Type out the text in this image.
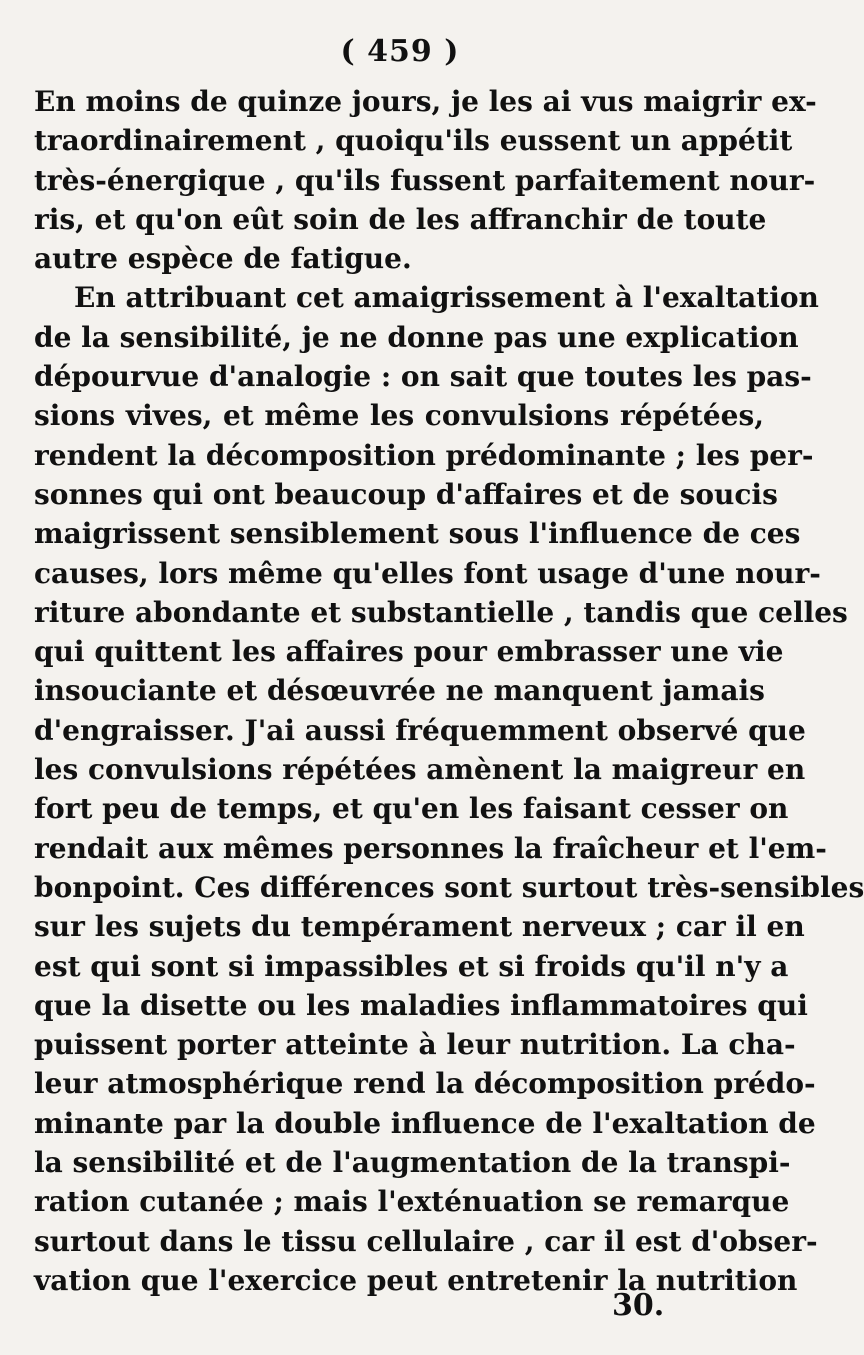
( 459 )
En moins de quinze jours, je les ai vus maigrir ex-
traordinairement , quoiqu'ils eussent un appétit
très-énergique , qu'ils fussent parfaitement nour-
ris, et qu'on eût soin de les affranchir de toute
autre espèce de fatigue.
En attribuant cet amaigrissement à l'exaltation
de la sensibilité, je ne donne pas une explication
dépourvue d'analogie : on sait que toutes les pas-
sions vives, et même les convulsions répétées,
rendent la décomposition prédominante ; les per-
sonnes qui ont beaucoup d'affaires et de soucis
maigrissent sensiblement sous l'influence de ces
causes, lors même qu'elles font usage d'une nour-
riture abondante et substantielle , tandis que celles
qui quittent les affaires pour embrasser une vie
insouciante et désœuvrée ne manquent jamais
d'engraisser. J'ai aussi fréquemment observé que
les convulsions répétées amènent la maigreur en
fort peu de temps, et qu'en les faisant cesser on
rendait aux mêmes personnes la fraîcheur et l'em-
bonpoint. Ces différences sont surtout très-sensibles
sur les sujets du tempérament nerveux ; car il en
est qui sont si impassibles et si froids qu'il n'y a
que la disette ou les maladies inflammatoires qui
puissent porter atteinte à leur nutrition. La cha-
leur atmosphérique rend la décomposition prédo-
minante par la double influence de l'exaltation de
la sensibilité et de l'augmentation de la transpi-
ration cutanée ; mais l'exténuation se remarque
surtout dans le tissu cellulaire , car il est d'obser-
vation que l'exercice peut entretenir la nutrition
30.
